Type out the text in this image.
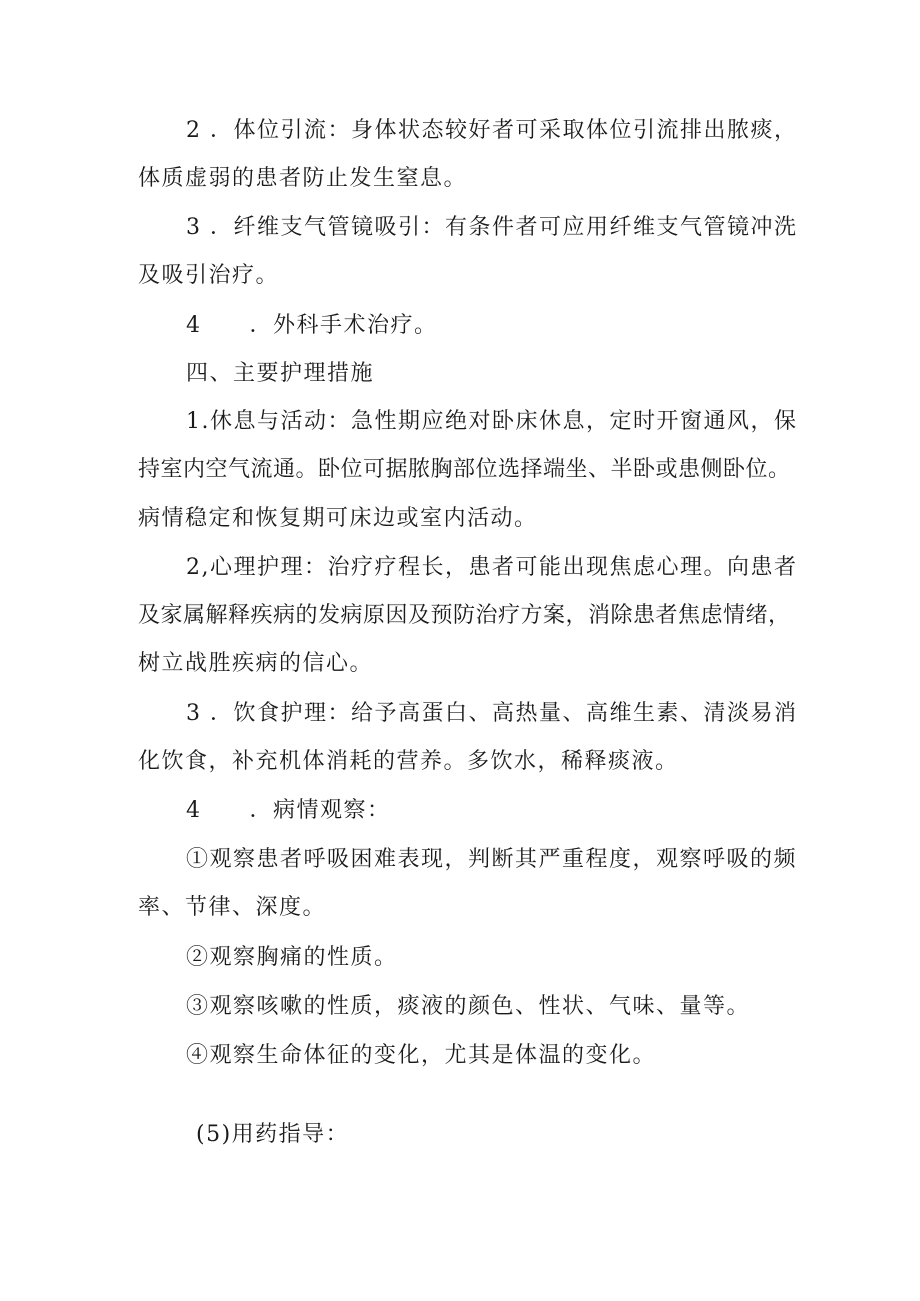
2 ．体位引流：身体状态较好者可采取体位引流排出脓痰，
体质虚弱的患者防止发生窒息。
3 ．纤维支气管镜吸引：有条件者可应用纤维支气管镜冲洗
及吸引治疗。
4 ．外科手术治疗。
四、主要护理措施
1.休息与活动：急性期应绝对卧床休息，定时开窗通风，保
持室内空气流通。卧位可据脓胸部位选择端坐、半卧或患侧卧位。
病情稳定和恢复期可床边或室内活动。
2,心理护理：治疗疗程长，患者可能出现焦虑心理。向患者
及家属解释疾病的发病原因及预防治疗方案，消除患者焦虑情绪，
树立战胜疾病的信心。
3 ．饮食护理：给予高蛋白、高热量、高维生素、清淡易消
化饮食，补充机体消耗的营养。多饮水，稀释痰液。
4 ．病情观察：
①观察患者呼吸困难表现，判断其严重程度，观察呼吸的频
率、节律、深度。
②观察胸痛的性质。
③观察咳嗽的性质，痰液的颜色、性状、气味、量等。
④观察生命体征的变化，尤其是体温的变化。
(5)用药指导：
